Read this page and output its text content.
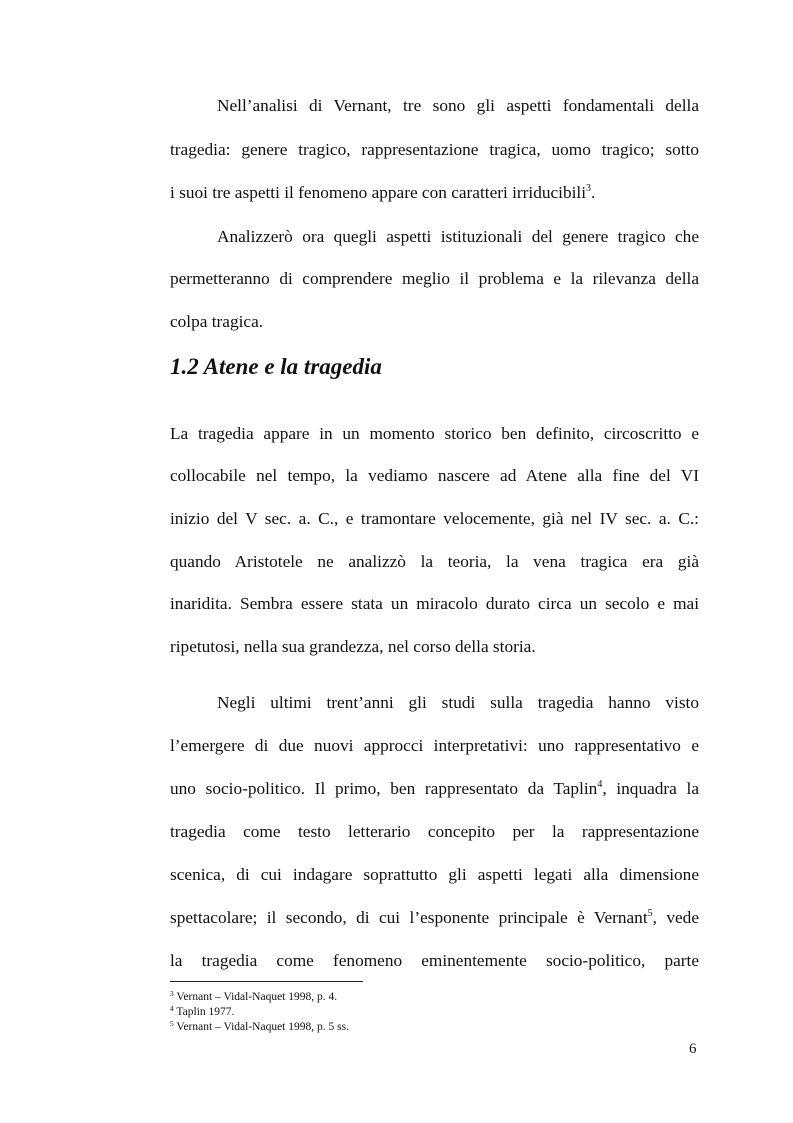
Nell’analisi di Vernant, tre sono gli aspetti fondamentali della
tragedia: genere tragico, rappresentazione tragica, uomo tragico; sotto
i suoi tre aspetti il fenomeno appare con caratteri irriducibili$^3$.
Analizzerò ora quegli aspetti istituzionali del genere tragico che
permetteranno di comprendere meglio il problema e la rilevanza della
colpa tragica.
1.2 Atene e la tragedia
La tragedia appare in un momento storico ben definito, circoscritto e
collocabile nel tempo, la vediamo nascere ad Atene alla fine del VI
inizio del V sec. a. C., e tramontare velocemente, già nel IV sec. a. C.:
quando Aristotele ne analizzò la teoria, la vena tragica era già
inaridita. Sembra essere stata un miracolo durato circa un secolo e mai
ripetutosi, nella sua grandezza, nel corso della storia.
Negli ultimi trent’anni gli studi sulla tragedia hanno visto
l’emergere di due nuovi approcci interpretativi: uno rappresentativo e
uno socio-politico. Il primo, ben rappresentato da Taplin$^4$, inquadra la
tragedia come testo letterario concepito per la rappresentazione
scenica, di cui indagare soprattutto gli aspetti legati alla dimensione
spettacolare; il secondo, di cui l’esponente principale è Vernant$^5$, vede
la tragedia come fenomeno eminentemente socio-politico, parte
$^3$ Vernant – Vidal-Naquet 1998, p. 4.
$^4$ Taplin 1977.
$^5$ Vernant – Vidal-Naquet 1998, p. 5 ss.
6
